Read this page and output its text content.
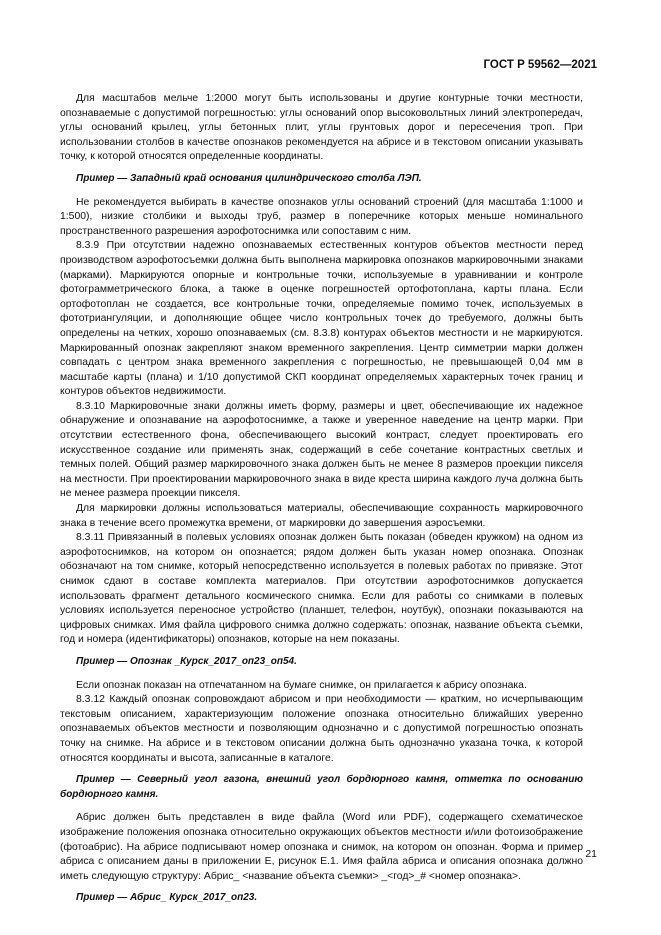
ГОСТ Р 59562—2021

Для масштабов мельче 1:2000 могут быть использованы и другие контурные точки местности, опознаваемые с допустимой погрешностью: углы оснований опор высоковольтных линий электропередач, углы оснований крылец, углы бетонных плит, углы грунтовых дорог и пересечения троп. При использовании столбов в качестве опознаков рекомендуется на абрисе и в текстовом описании указывать точку, к которой относятся определенные координаты.

Пример — Западный край основания цилиндрического столба ЛЭП.

Не рекомендуется выбирать в качестве опознаков углы оснований строений (для масштаба 1:1000 и 1:500), низкие столбики и выходы труб, размер в поперечнике которых меньше номинального пространственного разрешения аэрофотоснимка или сопоставим с ним.

8.3.9 При отсутствии надежно опознаваемых естественных контуров объектов местности перед производством аэрофотосъемки должна быть выполнена маркировка опознаков маркировочными знаками (марками). Маркируются опорные и контрольные точки, используемые в уравнивании и контроле фотограмметрического блока, а также в оценке погрешностей ортофотоплана, карты плана. Если ортофотоплан не создается, все контрольные точки, определяемые помимо точек, используемых в фототриангуляции, и дополняющие общее число контрольных точек до требуемого, должны быть определены на четких, хорошо опознаваемых (см. 8.3.8) контурах объектов местности и не маркируются. Маркированный опознак закрепляют знаком временного закрепления. Центр симметрии марки должен совпадать с центром знака временного закрепления с погрешностью, не превышающей 0,04 мм в масштабе карты (плана) и 1/10 допустимой СКП координат определяемых характерных точек границ и контуров объектов недвижимости.

8.3.10 Маркировочные знаки должны иметь форму, размеры и цвет, обеспечивающие их надежное обнаружение и опознавание на аэрофотоснимке, а также и уверенное наведение на центр марки. При отсутствии естественного фона, обеспечивающего высокий контраст, следует проектировать его искусственное создание или применять знак, содержащий в себе сочетание контрастных светлых и темных полей. Общий размер маркировочного знака должен быть не менее 8 размеров проекции пикселя на местности. При проектировании маркировочного знака в виде креста ширина каждого луча должна быть не менее размера проекции пикселя.

Для маркировки должны использоваться материалы, обеспечивающие сохранность маркировочного знака в течение всего промежутка времени, от маркировки до завершения аэросъемки.

8.3.11 Привязанный в полевых условиях опознак должен быть показан (обведен кружком) на одном из аэрофотоснимков, на котором он опознается; рядом должен быть указан номер опознака. Опознак обозначают на том снимке, который непосредственно используется в полевых работах по привязке. Этот снимок сдают в составе комплекта материалов. При отсутствии аэрофотоснимков допускается использовать фрагмент детального космического снимка. Если для работы со снимками в полевых условиях используется переносное устройство (планшет, телефон, ноутбук), опознаки показываются на цифровых снимках. Имя файла цифрового снимка должно содержать: опознак, название объекта съемки, год и номера (идентификаторы) опознаков, которые на нем показаны.

Пример — Опознак _Курск_2017_оп23_оп54.

Если опознак показан на отпечатанном на бумаге снимке, он прилагается к абрису опознака.

8.3.12 Каждый опознак сопровождают абрисом и при необходимости — кратким, но исчерпывающим текстовым описанием, характеризующим положение опознака относительно ближайших уверенно опознаваемых объектов местности и позволяющим однозначно и с допустимой погрешностью опознать точку на снимке. На абрисе и в текстовом описании должна быть однозначно указана точка, к которой относятся координаты и высота, записанные в каталоге.

Пример — Северный угол газона, внешний угол бордюрного камня, отметка по основанию бордюрного камня.

Абрис должен быть представлен в виде файла (Word или PDF), содержащего схематическое изображение положения опознака относительно окружающих объектов местности и/или фотоизображение (фотоабрис). На абрисе подписывают номер опознака и снимок, на котором он опознан. Форма и пример абриса с описанием даны в приложении Е, рисунок Е.1. Имя файла абриса и описания опознака должно иметь следующую структуру: Абрис_ <название объекта съемки> _<год>_# <номер опознака>.

Пример — Абрис_ Курск_2017_оп23.

21
